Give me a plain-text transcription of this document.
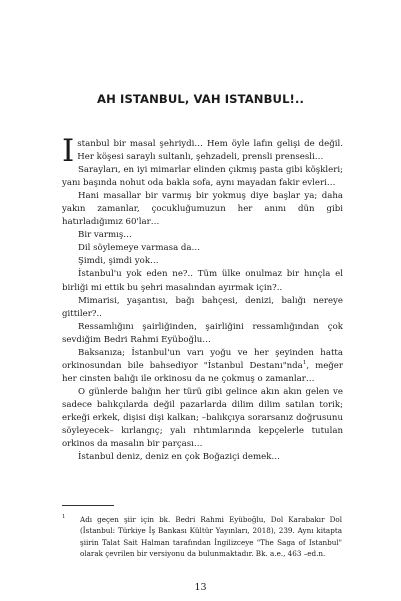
AH ISTANBUL, VAH ISTANBUL!..

Istanbul bir masal şehriydi… Hem öyle lafın gelişi de değil. Her köşesi saraylı sultanlı, şehzadeli, prensli prensesli…

Sarayları, en iyi mimarlar elinden çıkmış pasta gibi köşkleri; yanı başında nohut oda bakla sofa, aynı mayadan fakir evleri…

Hani masallar bir varmış bir yokmuş diye başlar ya; daha yakın zamanlar, çocukluğumuzun her anını dün gibi hatırladığımız 60'lar…

Bir varmış…

Dil söylemeye varmasa da…

Şimdi, şimdi yok…

İstanbul'u yok eden ne?.. Tüm ülke onulmaz bir hınçla el birliği mi ettik bu şehri masalından ayırmak için?..

Mimarisi, yaşantısı, bağı bahçesi, denizi, balığı nereye gittiler?..

Ressamlığını şairliğinden, şairliğini ressamlığından çok sevdiğim Bedri Rahmi Eyüboğlu…

Baksanıza; İstanbul'un varı yoğu ve her şeyinden hatta orkinosundan bile bahsediyor "İstanbul Destanı"nda$^1$, meğer her cinsten balığı ile orkinosu da ne çokmuş o zamanlar…

O günlerde balığın her türü gibi gelince akın akın gelen ve sadece balıkçılarda değil pazarlarda dilim dilim satılan torik; erkeği erkek, dişisi dişi kalkan; –balıkçıya sorarsanız doğrusunu söyleyecek– kırlangıç; yalı rıhtımlarında kepçelerle tutulan orkinos da masalın bir parçası…

İstanbul deniz, deniz en çok Boğaziçi demek…

1 Adı geçen şiir için bk. Bedri Rahmi Eyüboğlu, Dol Karabakır Dol (İstanbul: Türkiye İş Bankası Kültür Yayınları, 2018), 239. Aynı kitapta şiirin Talat Sait Halman tarafından İngilizceye "The Saga of Istanbul" olarak çevrilen bir versiyonu da bulunmaktadır. Bk. a.e., 463 –ed.n.
13
